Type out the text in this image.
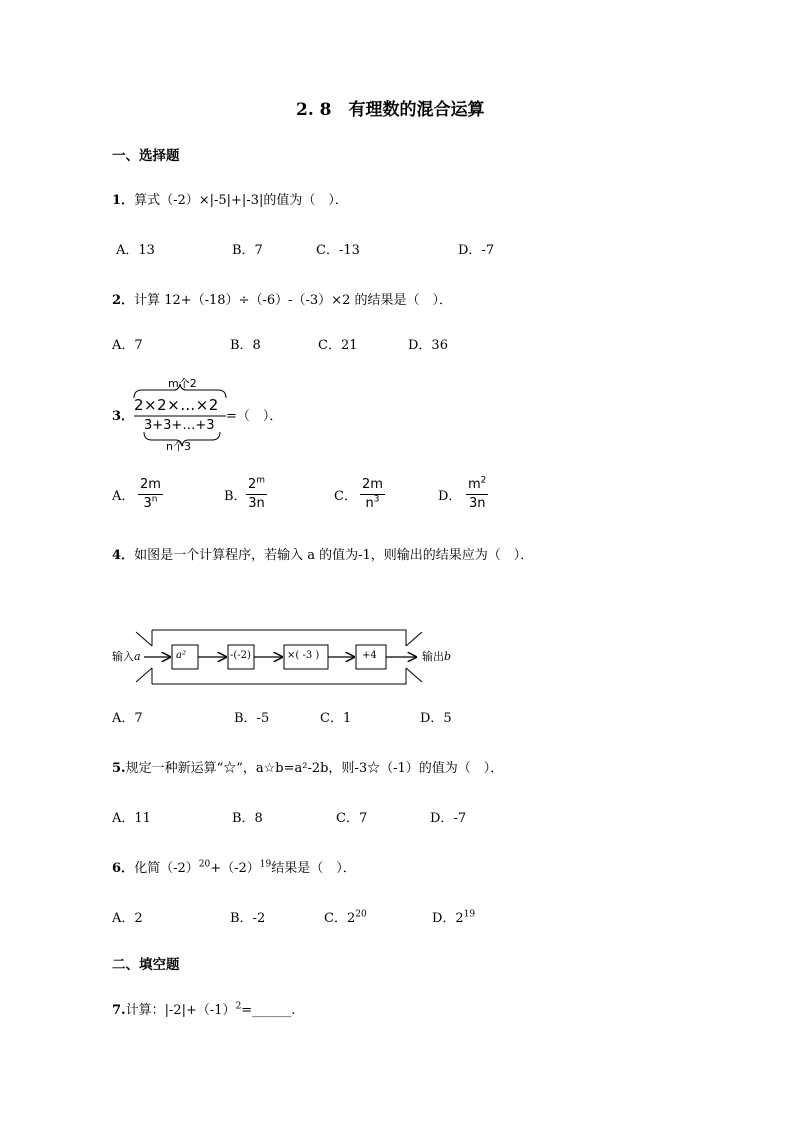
2. 8　有理数的混合运算
一、选择题
1．算式（-2）×|-5|+|-3|的值为（　）．
A．13	B．7	C．-13	D．-7
2．计算 12+（-18）÷（-6）-（-3）×2 的结果是（　）．
A．7	B．8	C．21	D．36
3．
m个2
2×2×…×2
3+3+…+3
n个3
=（　）．
A．
2m
3$^n$	B．
2$^m$
3n	C．
2m
$n^3$	D．
$m^2$
3n
4．如图是一个计算程序，若输入 a 的值为-1，则输出的结果应为（　）．
输入a	a²	-(-2)	×( -3 )	+4	输出b
A．7	B．-5	C．1	D．5
5.规定一种新运算“☆”，a☆b=a²-2b，则-3☆（-1）的值为（　）．
A．11	B．8	C．7	D．-7
6．化简$(-2)^{20}+(-2)^{19}$结果是（　）．
A．2	B．-2	C．$2^{20}$	D．$2^{19}$
二、填空题
7.计算：$|-2|+(-1)^2=\_\_\_\_\_\_$.
